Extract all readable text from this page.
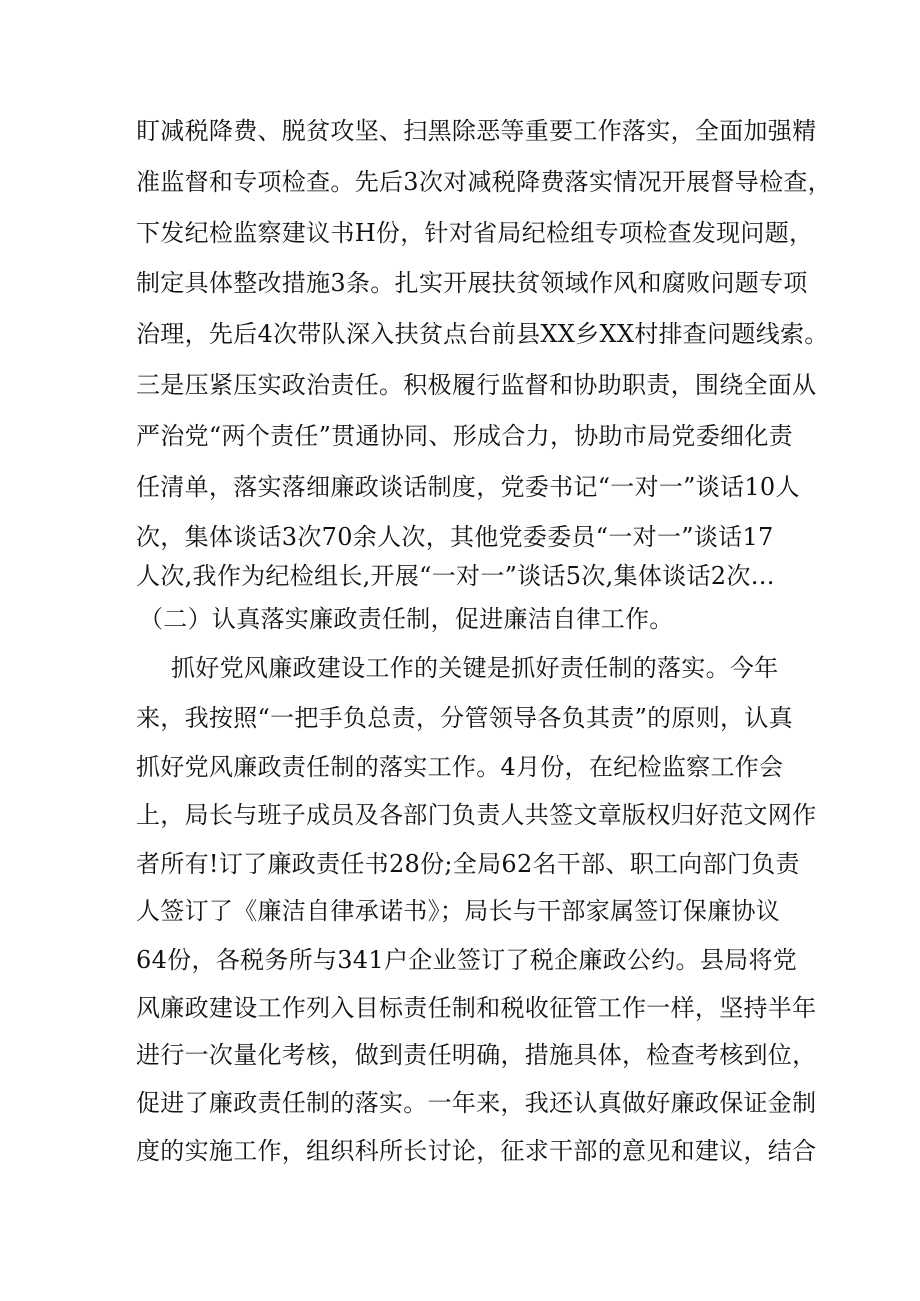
盯减税降费、脱贫攻坚、扫黑除恶等重要工作落实，全面加强精
准监督和专项检查。先后3次对减税降费落实情况开展督导检查，
下发纪检监察建议书H份，针对省局纪检组专项检查发现问题，
制定具体整改措施3条。扎实开展扶贫领域作风和腐败问题专项
治理，先后4次带队深入扶贫点台前县XX乡XX村排查问题线索。
三是压紧压实政治责任。积极履行监督和协助职责，围绕全面从
严治党“两个责任”贯通协同、形成合力，协助市局党委细化责
任清单，落实落细廉政谈话制度，党委书记“一对一”谈话10人
次，集体谈话3次70余人次，其他党委委员“一对一”谈话17
人次,我作为纪检组长,开展“一对一”谈话5次,集体谈话2次…
（二）认真落实廉政责任制，促进廉洁自律工作。
抓好党风廉政建设工作的关键是抓好责任制的落实。今年
来，我按照“一把手负总责，分管领导各负其责”的原则，认真
抓好党风廉政责任制的落实工作。4月份，在纪检监察工作会
上，局长与班子成员及各部门负责人共签文章版权归好范文网作
者所有!订了廉政责任书28份;全局62名干部、职工向部门负责
人签订了《廉洁自律承诺书》；局长与干部家属签订保廉协议
64份，各税务所与341户企业签订了税企廉政公约。县局将党
风廉政建设工作列入目标责任制和税收征管工作一样，坚持半年
进行一次量化考核，做到责任明确，措施具体，检查考核到位，
促进了廉政责任制的落实。一年来，我还认真做好廉政保证金制
度的实施工作，组织科所长讨论，征求干部的意见和建议，结合
